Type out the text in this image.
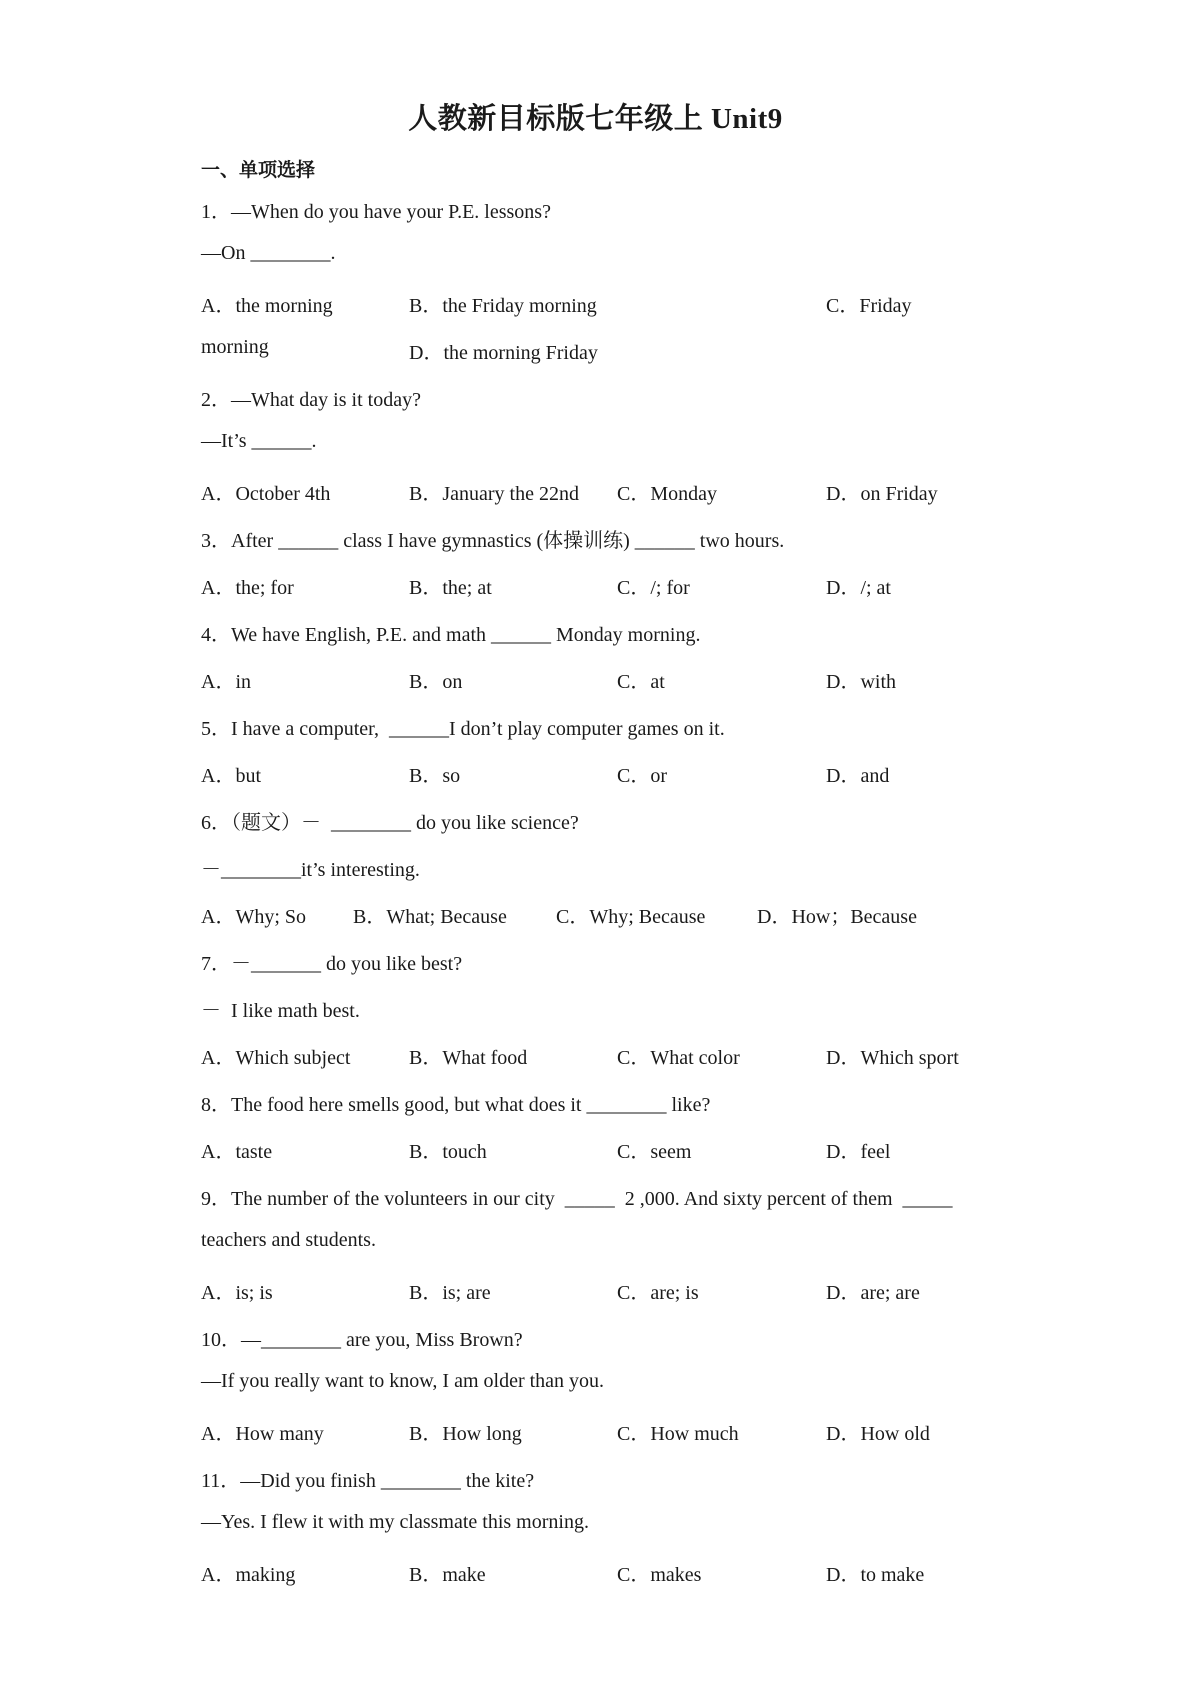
人教新目标版七年级上 Unit9
一、单项选择
1．—When do you have your P.E. lessons?
—On ________.
A．the morning	B．the Friday morning	C．Friday
morning	D．the morning Friday
2．—What day is it today?
—It’s ______.
A．October 4th	B．January the 22nd C．Monday	D．on Friday
3．After ______ class I have gymnastics (体操训练) ______ two hours.
A．the; for	B．the; at	C．/; for	D．/; at
4．We have English, P.E. and math ______ Monday morning.
A．in	B．on	C．at	D．with
5．I have a computer,  ______I don’t play computer games on it.
A．but	B．so	C．or	D．and
6．（题文）－  ________ do you like science?
－________it’s interesting.
A．Why; So B．What; Because C．Why; Because	D．How；Because
7．－_______ do you like best?
－  I like math best.
A．Which subject	B．What food	C．What color	D．Which sport
8．The food here smells good, but what does it ________ like?
A．taste	B．touch	C．seem	D．feel
9．The number of the volunteers in our city  _____  2 ,000. And sixty percent of them  _____
teachers and students.
A．is; is	B．is; are	C．are; is	D．are; are
10．—________ are you, Miss Brown?
—If you really want to know, I am older than you.
A．How many	B．How long	C．How much	D．How old
11．—Did you finish ________ the kite?
—Yes. I flew it with my classmate this morning.
A．making	B．make	C．makes	D．to make
